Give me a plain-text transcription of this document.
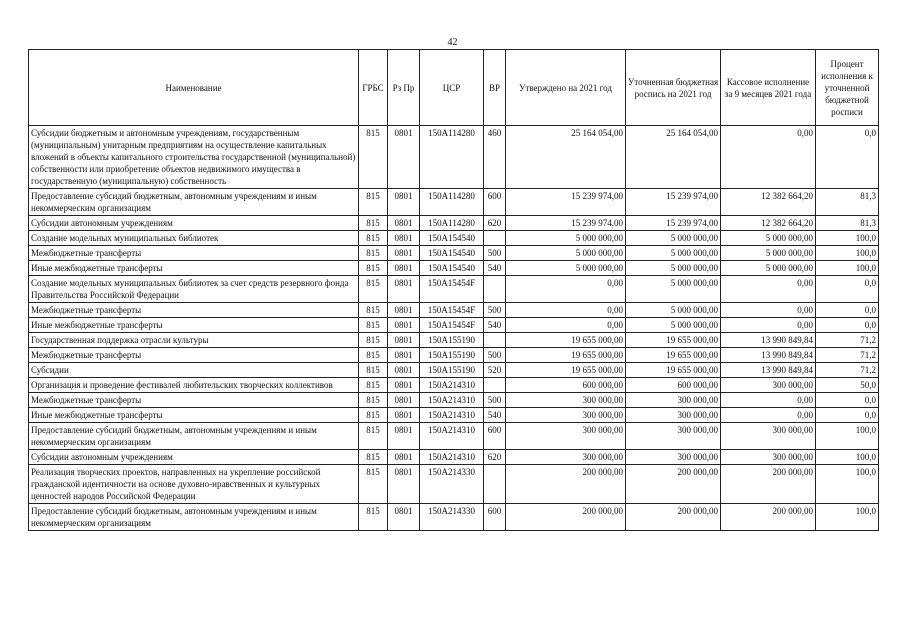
42
Наименование	ГРБС	Рз Пр	ЦСР	ВР	Утверждено на 2021 год	Уточненная бюджетная роспись на 2021 год	Кассовое исполнение за 9 месяцев 2021 года	Процент исполнения к уточненной бюджетной росписи
Субсидии бюджетным и автономным учреждениям, государственным (муниципальным) унитарным предприятиям на осуществление капитальных вложений в объекты капитального строительства государственной (муниципальной) собственности или приобретение объектов недвижимого имущества в государственную (муниципальную) собственность	815	0801	150A114280	460	25 164 054,00	25 164 054,00	0,00	0,0
Предоставление субсидий бюджетным, автономным учреждениям и иным некоммерческим организациям	815	0801	150A114280	600	15 239 974,00	15 239 974,00	12 382 664,20	81,3
Субсидии автономным учреждениям	815	0801	150A114280	620	15 239 974,00	15 239 974,00	12 382 664,20	81,3
Создание модельных муниципальных библиотек	815	0801	150A154540		5 000 000,00	5 000 000,00	5 000 000,00	100,0
Межбюджетные трансферты	815	0801	150A154540	500	5 000 000,00	5 000 000,00	5 000 000,00	100,0
Иные межбюджетные трансферты	815	0801	150A154540	540	5 000 000,00	5 000 000,00	5 000 000,00	100,0
Создание модельных муниципальных библиотек за счет средств резервного фонда Правительства Российской Федерации	815	0801	150A15454F		0,00	5 000 000,00	0,00	0,0
Межбюджетные трансферты	815	0801	150A15454F	500	0,00	5 000 000,00	0,00	0,0
Иные межбюджетные трансферты	815	0801	150A15454F	540	0,00	5 000 000,00	0,00	0,0
Государственная поддержка отрасли культуры	815	0801	150A155190		19 655 000,00	19 655 000,00	13 990 849,84	71,2
Межбюджетные трансферты	815	0801	150A155190	500	19 655 000,00	19 655 000,00	13 990 849,84	71,2
Субсидии	815	0801	150A155190	520	19 655 000,00	19 655 000,00	13 990 849,84	71,2
Организация и проведение фестивалей любительских творческих коллективов	815	0801	150A214310		600 000,00	600 000,00	300 000,00	50,0
Межбюджетные трансферты	815	0801	150A214310	500	300 000,00	300 000,00	0,00	0,0
Иные межбюджетные трансферты	815	0801	150A214310	540	300 000,00	300 000,00	0,00	0,0
Предоставление субсидий бюджетным, автономным учреждениям и иным некоммерческим организациям	815	0801	150A214310	600	300 000,00	300 000,00	300 000,00	100,0
Субсидии автономным учреждениям	815	0801	150A214310	620	300 000,00	300 000,00	300 000,00	100,0
Реализация творческих проектов, направленных на укрепление российской гражданской идентичности на основе духовно-нравственных и культурных ценностей народов Российской Федерации	815	0801	150A214330		200 000,00	200 000,00	200 000,00	100,0
Предоставление субсидий бюджетным, автономным учреждениям и иным некоммерческим организациям	815	0801	150A214330	600	200 000,00	200 000,00	200 000,00	100,0
